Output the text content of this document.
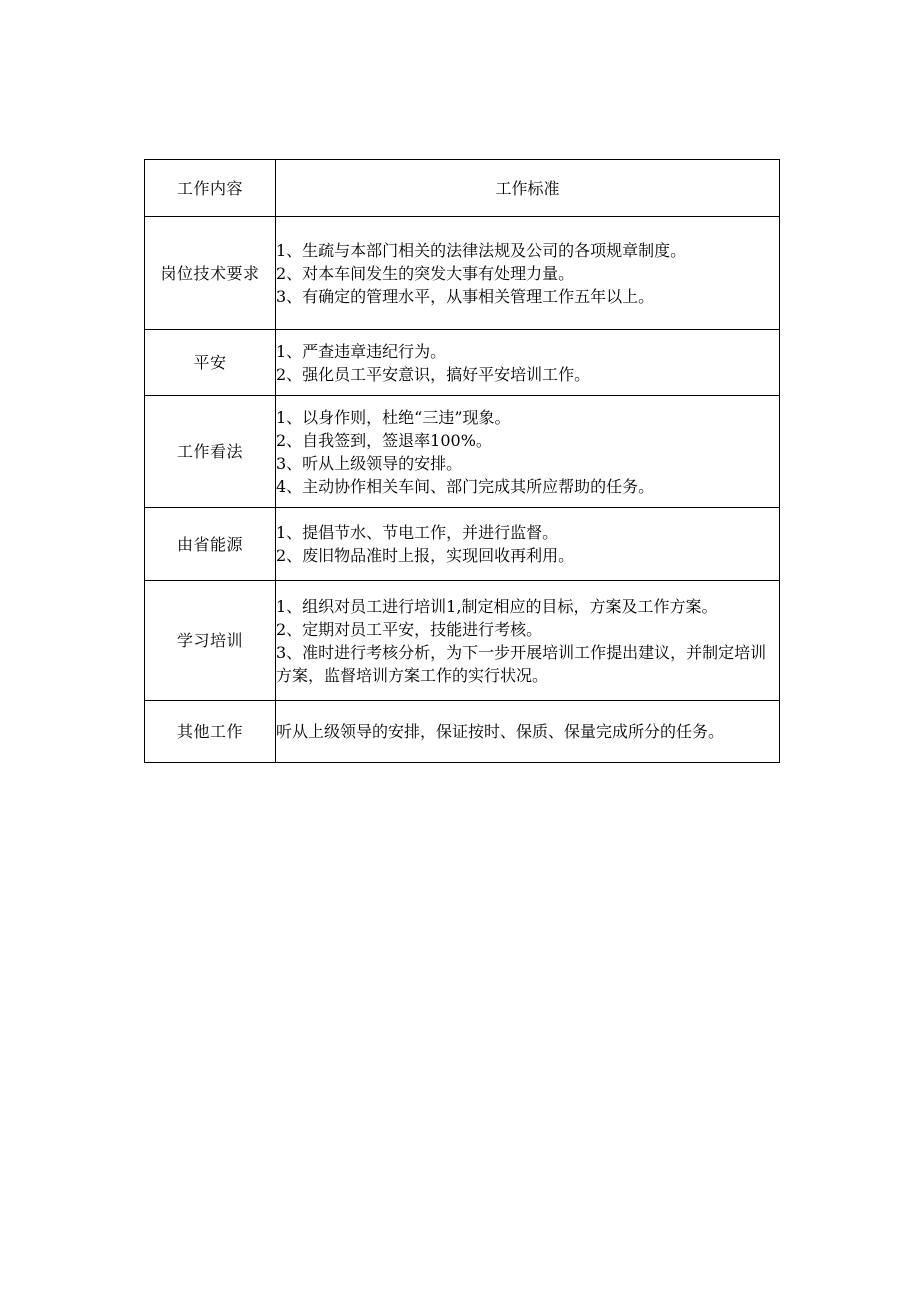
工作内容	工作标准
岗位技术要求	1、生疏与本部门相关的法律法规及公司的各项规章制度。
2、对本车间发生的突发大事有处理力量。
3、有确定的管理水平，从事相关管理工作五年以上。

平安	1、严查违章违纪行为。
2、强化员工平安意识，搞好平安培训工作。

工作看法	1、以身作则，杜绝“三违”现象。
2、自我签到，签退率100%。
3、听从上级领导的安排。
4、主动协作相关车间、部门完成其所应帮助的任务。

由省能源	1、提倡节水、节电工作，并进行监督。
2、废旧物品准时上报，实现回收再利用。

学习培训	1、组织对员工进行培训1,制定相应的目标，方案及工作方案。
2、定期对员工平安，技能进行考核。
3、准时进行考核分析，为下一步开展培训工作提出建议，并制定培训方案，监督培训方案工作的实行状况。

其他工作	听从上级领导的安排，保证按时、保质、保量完成所分的任务。
